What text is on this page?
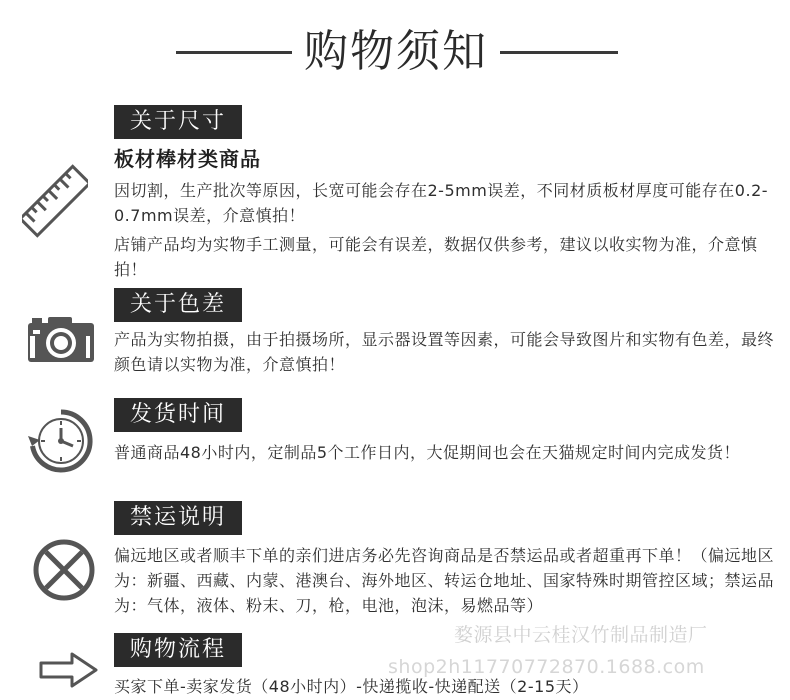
购物须知
关于尺寸
板材棒材类商品
因切割，生产批次等原因，长宽可能会存在2-5mm误差，不同材质板材厚度可能存在0.2-0.7mm误差，介意慎拍！
店铺产品均为实物手工测量，可能会有误差，数据仅供参考，建议以收实物为准，介意慎拍！
关于色差
产品为实物拍摄，由于拍摄场所，显示器设置等因素，可能会导致图片和实物有色差，最终颜色请以实物为准，介意慎拍！
发货时间
普通商品48小时内，定制品5个工作日内，大促期间也会在天猫规定时间内完成发货！
禁运说明
偏远地区或者顺丰下单的亲们进店务必先咨询商品是否禁运品或者超重再下单！（偏远地区为：新疆、西藏、内蒙、港澳台、海外地区、转运仓地址、国家特殊时期管控区域；禁运品为：气体，液体、粉末、刀，枪，电池，泡沫，易燃品等）
购物流程
买家下单-卖家发货（48小时内）-快递揽收-快递配送（2-15天）
婺源县中云桂汉竹制品制造厂
shop2h11770772870.1688.com
